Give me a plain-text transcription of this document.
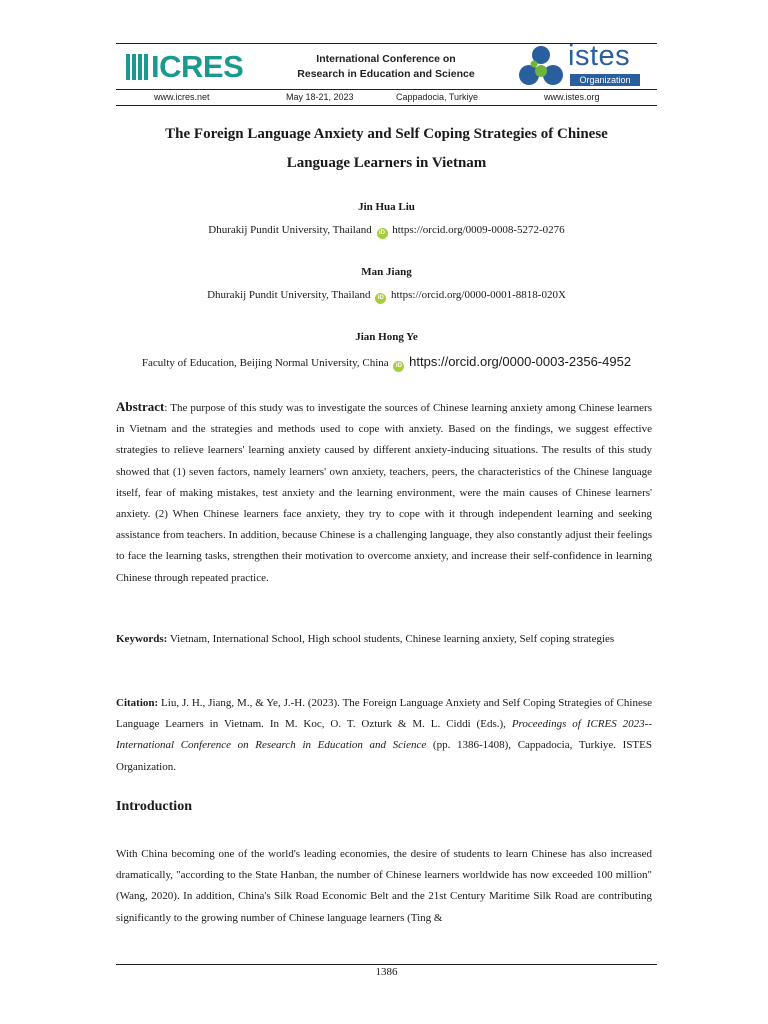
ICRES	International Conference on
Research in Education and Science
istes
Organization
www.icres.net	May 18-21, 2023	Cappadocia, Turkiye	www.istes.org
The Foreign Language Anxiety and Self Coping Strategies of Chinese
Language Learners in Vietnam
Jin Hua Liu
Dhurakij Pundit University, Thailand iD https://orcid.org/0009-0008-5272-0276
Man Jiang
Dhurakij Pundit University, Thailand iD https://orcid.org/0000-0001-8818-020X
Jian Hong Ye
Faculty of Education, Beijing Normal University, China iD https://orcid.org/0000-0003-2356-4952
Abstract: The purpose of this study was to investigate the sources of Chinese learning anxiety among Chinese learners in Vietnam and the strategies and methods used to cope with anxiety. Based on the findings, we suggest effective strategies to relieve learners' learning anxiety caused by different anxiety-inducing situations. The results of this study showed that (1) seven factors, namely learners' own anxiety, teachers, peers, the characteristics of the Chinese language itself, fear of making mistakes, test anxiety and the learning environment, were the main causes of Chinese learners' anxiety. (2) When Chinese learners face anxiety, they try to cope with it through independent learning and seeking assistance from teachers. In addition, because Chinese is a challenging language, they also constantly adjust their feelings to face the learning tasks, strengthen their motivation to overcome anxiety, and increase their self-confidence in learning Chinese through repeated practice.
Keywords: Vietnam, International School, High school students, Chinese learning anxiety, Self coping strategies
Citation: Liu, J. H., Jiang, M., & Ye, J.-H. (2023). The Foreign Language Anxiety and Self Coping Strategies of Chinese Language Learners in Vietnam. In M. Koc, O. T. Ozturk & M. L. Ciddi (Eds.), Proceedings of ICRES 2023-- International Conference on Research in Education and Science (pp. 1386-1408), Cappadocia, Turkiye. ISTES Organization.
Introduction
With China becoming one of the world's leading economies, the desire of students to learn Chinese has also increased dramatically, "according to the State Hanban, the number of Chinese learners worldwide has now exceeded 100 million" (Wang, 2020). In addition, China's Silk Road Economic Belt and the 21st Century Maritime Silk Road are contributing significantly to the growing number of Chinese language learners (Ting &
1386
